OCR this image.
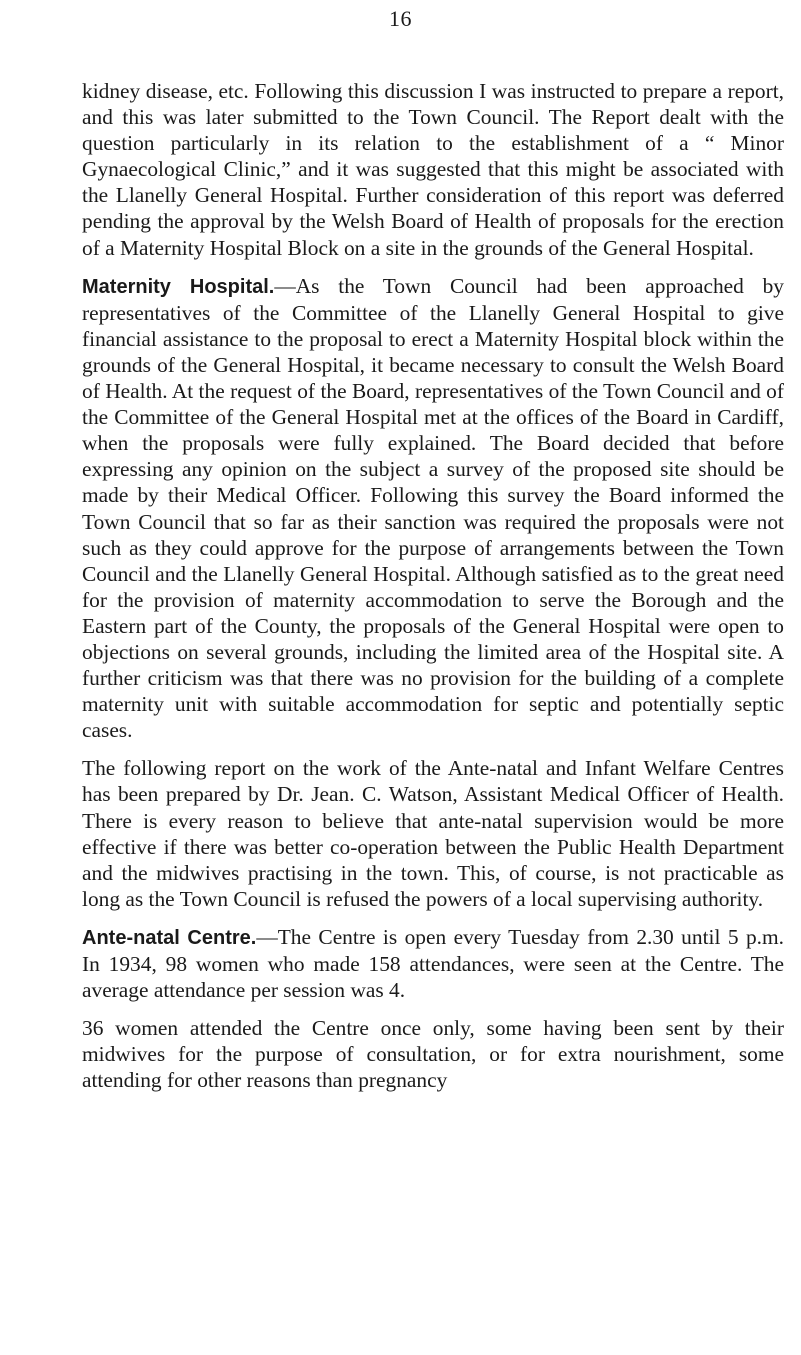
16

kidney disease, etc. Following this discussion I was instructed to prepare a report, and this was later submitted to the Town Council. The Report dealt with the question particularly in its relation to the establishment of a “ Minor Gynaecological Clinic,” and it was suggested that this might be associated with the Llanelly General Hospital. Further consideration of this report was deferred pending the approval by the Welsh Board of Health of proposals for the erection of a Maternity Hospital Block on a site in the grounds of the General Hospital.

Maternity Hospital.—As the Town Council had been approached by representatives of the Committee of the Llanelly General Hospital to give financial assistance to the proposal to erect a Maternity Hospital block within the grounds of the General Hospital, it became necessary to consult the Welsh Board of Health. At the request of the Board, representatives of the Town Council and of the Committee of the General Hospital met at the offices of the Board in Cardiff, when the proposals were fully explained. The Board decided that before expressing any opinion on the subject a survey of the proposed site should be made by their Medical Officer. Following this survey the Board informed the Town Council that so far as their sanction was required the proposals were not such as they could approve for the purpose of arrangements between the Town Council and the Llanelly General Hospital. Although satisfied as to the great need for the provision of maternity accommodation to serve the Borough and the Eastern part of the County, the proposals of the General Hospital were open to objections on several grounds, including the limited area of the Hospital site. A further criticism was that there was no provision for the building of a complete maternity unit with suitable accommodation for septic and potentially septic cases.

The following report on the work of the Ante-natal and Infant Welfare Centres has been prepared by Dr. Jean. C. Watson, Assistant Medical Officer of Health. There is every reason to believe that ante-natal supervision would be more effective if there was better co-operation between the Public Health Department and the midwives practising in the town. This, of course, is not practicable as long as the Town Council is refused the powers of a local supervising authority.

Ante-natal Centre.—The Centre is open every Tuesday from 2.30 until 5 p.m. In 1934, 98 women who made 158 attendances, were seen at the Centre. The average attendance per session was 4.

36 women attended the Centre once only, some having been sent by their midwives for the purpose of consultation, or for extra nourishment, some attending for other reasons than pregnancy
